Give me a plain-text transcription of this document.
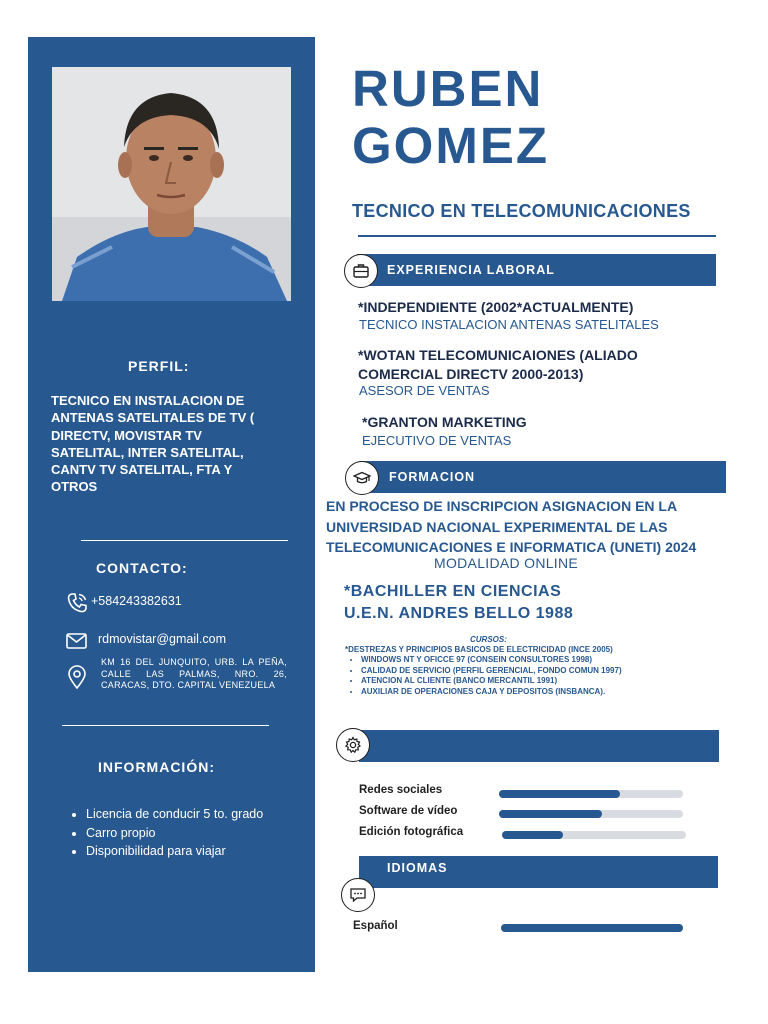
PERFIL:
TECNICO EN INSTALACION DE ANTENAS SATELITALES DE TV ( DIRECTV, MOVISTAR TV SATELITAL, INTER SATELITAL, CANTV TV SATELITAL, FTA Y OTROS
CONTACTO:
+584243382631
rdmovistar@gmail.com
KM 16 DEL JUNQUITO, URB. LA PEÑA, CALLE LAS PALMAS, NRO. 26, CARACAS, DTO. CAPITAL VENEZUELA
INFORMACIÓN:
• Licencia de conducir 5 to. grado
• Carro propio
• Disponibilidad para viajar
RUBEN
GOMEZ
TECNICO EN TELECOMUNICACIONES
EXPERIENCIA LABORAL
*INDEPENDIENTE (2002*ACTUALMENTE)
TECNICO INSTALACION ANTENAS SATELITALES
*WOTAN TELECOMUNICAIONES (ALIADO COMERCIAL DIRECTV 2000-2013)
ASESOR DE VENTAS
*GRANTON MARKETING
EJECUTIVO DE VENTAS
FORMACION
EN PROCESO DE INSCRIPCION ASIGNACION EN LA UNIVERSIDAD NACIONAL EXPERIMENTAL DE LAS TELECOMUNICACIONES E INFORMATICA (UNETI) 2024
MODALIDAD ONLINE
*BACHILLER EN CIENCIAS
U.E.N. ANDRES BELLO 1988
CURSOS:
*DESTREZAS Y PRINCIPIOS BASICOS DE ELECTRICIDAD (INCE 2005)
• WINDOWS NT Y OFICCE 97 (CONSEIN CONSULTORES 1998)
• CALIDAD DE SERVICIO (PERFIL GERENCIAL, FONDO COMUN 1997)
• ATENCION AL CLIENTE (BANCO MERCANTIL 1991)
• AUXILIAR DE OPERACIONES CAJA Y DEPOSITOS (INSBANCA).
Redes sociales
Software de vídeo
Edición fotográfica
IDIOMAS
Español
